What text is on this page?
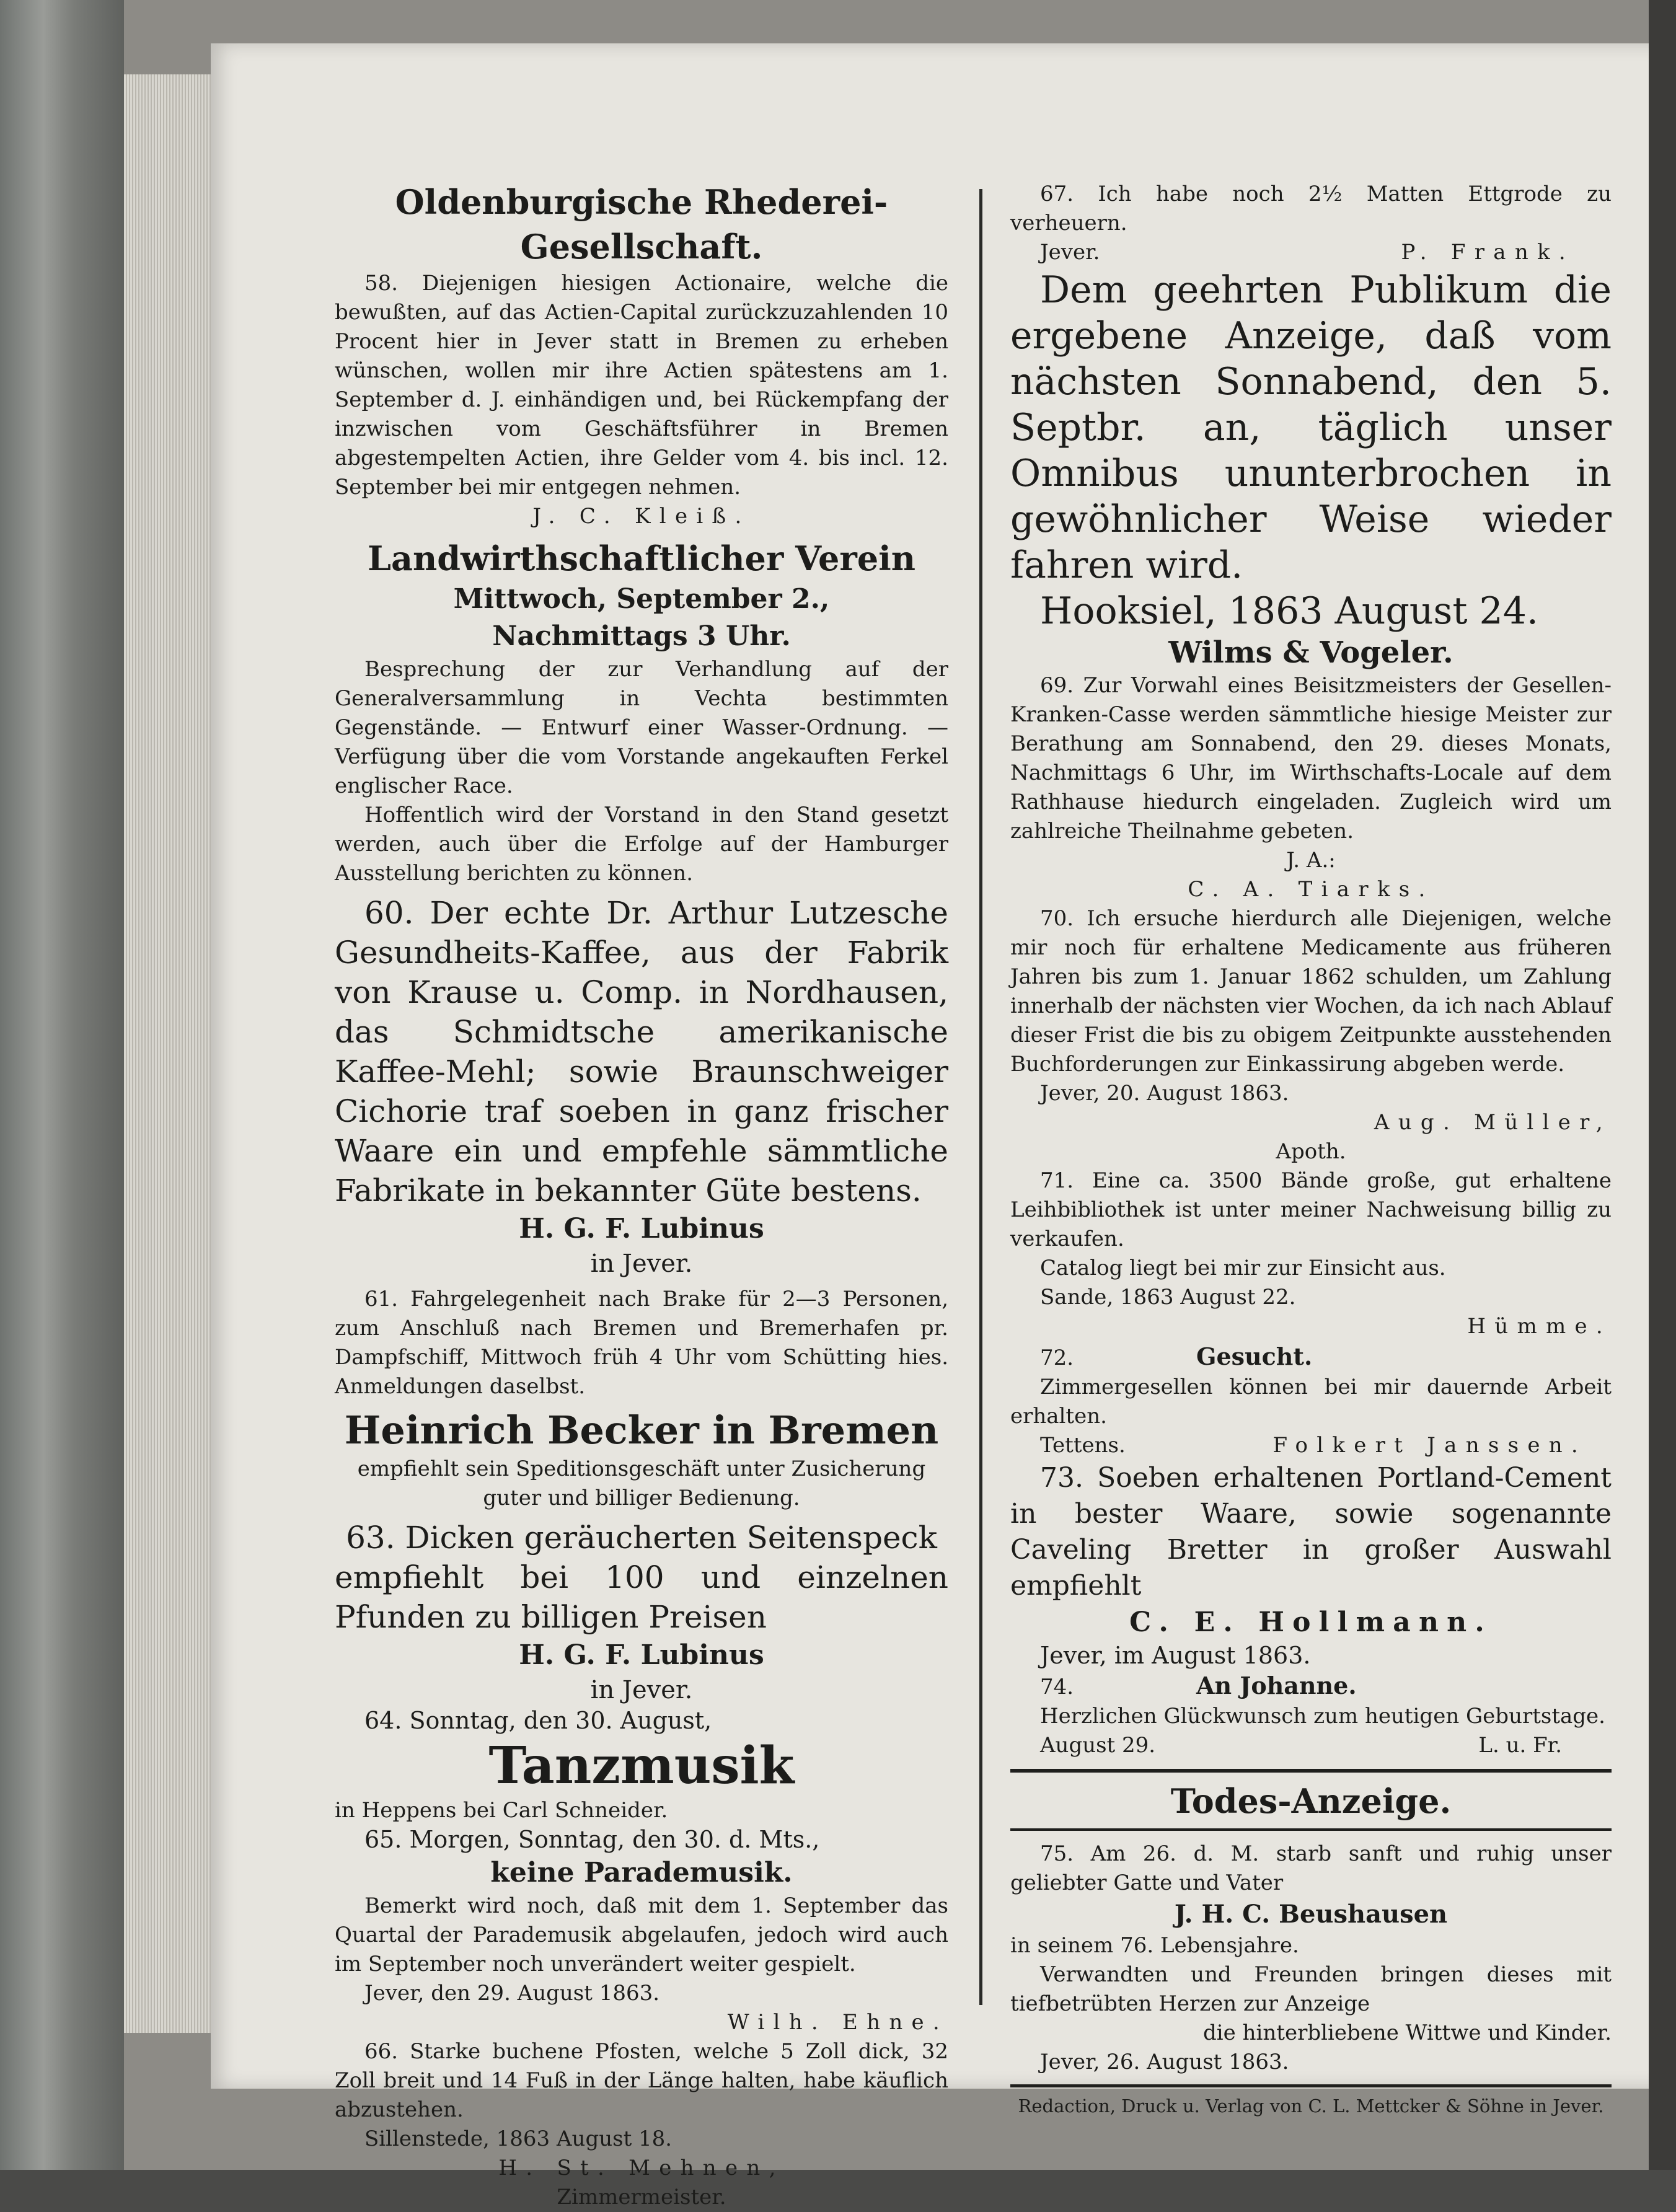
Oldenburgische Rhederei-Gesellschaft.

58. Diejenigen hiesigen Actionaire, welche die bewußten, auf das Actien-Capital zurückzuzahlenden 10 Procent hier in Jever statt in Bremen zu erheben wünschen, wollen mir ihre Actien spätestens am 1. September d. J. einhändigen und, bei Rückempfang der inzwischen vom Geschäftsführer in Bremen abgestempelten Actien, ihre Gelder vom 4. bis incl. 12. September bei mir entgegen nehmen.

J. C. Kleiß.

Landwirthschaftlicher Verein

Mittwoch, September 2.,

Nachmittags 3 Uhr.

Besprechung der zur Verhandlung auf der Generalversammlung in Vechta bestimmten Gegenstände. — Entwurf einer Wasser-Ordnung. — Verfügung über die vom Vorstande angekauften Ferkel englischer Race.

Hoffentlich wird der Vorstand in den Stand gesetzt werden, auch über die Erfolge auf der Hamburger Ausstellung berichten zu können.

60. Der echte Dr. Arthur Lutzesche Gesundheits-Kaffee, aus der Fabrik von Krause u. Comp. in Nordhausen, das Schmidtsche amerikanische Kaffee-Mehl; sowie Braunschweiger Cichorie traf soeben in ganz frischer Waare ein und empfehle sämmtliche Fabrikate in bekannter Güte bestens.

H. G. F. Lubinus

in Jever.

61. Fahrgelegenheit nach Brake für 2—3 Personen, zum Anschluß nach Bremen und Bremerhafen pr. Dampfschiff, Mittwoch früh 4 Uhr vom Schütting hies. Anmeldungen daselbst.

Heinrich Becker in Bremen

empfiehlt sein Speditionsgeschäft unter Zusicherung guter und billiger Bedienung.

63. Dicken geräucherten Seitenspeck

empfiehlt bei 100 und einzelnen Pfunden zu billigen Preisen

H. G. F. Lubinus

in Jever.

64. Sonntag, den 30. August,

Tanzmusik

in Heppens bei Carl Schneider.

65. Morgen, Sonntag, den 30. d. Mts.,

keine Parademusik.

Bemerkt wird noch, daß mit dem 1. September das Quartal der Parademusik abgelaufen, jedoch wird auch im September noch unverändert weiter gespielt.

Jever, den 29. August 1863.

Wilh. Ehne.

66. Starke buchene Pfosten, welche 5 Zoll dick, 32 Zoll breit und 14 Fuß in der Länge halten, habe käuflich abzustehen.

Sillenstede, 1863 August 18.

H. St. Mehnen,

Zimmermeister.

67. Ich habe noch 2½ Matten Ettgrode zu verheuern.

Jever.	P. Frank.

Dem geehrten Publikum die ergebene Anzeige, daß vom nächsten Sonnabend, den 5. Septbr. an, täglich unser Omnibus ununterbrochen in gewöhnlicher Weise wieder fahren wird.

Hooksiel, 1863 August 24.

Wilms & Vogeler.

69. Zur Vorwahl eines Beisitzmeisters der Gesellen-Kranken-Casse werden sämmtliche hiesige Meister zur Berathung am Sonnabend, den 29. dieses Monats, Nachmittags 6 Uhr, im Wirthschafts-Locale auf dem Rathhause hiedurch eingeladen. Zugleich wird um zahlreiche Theilnahme gebeten.

J. A.:

C. A. Tiarks.

70. Ich ersuche hierdurch alle Diejenigen, welche mir noch für erhaltene Medicamente aus früheren Jahren bis zum 1. Januar 1862 schulden, um Zahlung innerhalb der nächsten vier Wochen, da ich nach Ablauf dieser Frist die bis zu obigem Zeitpunkte ausstehenden Buchforderungen zur Einkassirung abgeben werde.

Jever, 20. August 1863.

Aug. Müller,

Apoth.

71. Eine ca. 3500 Bände große, gut erhaltene Leihbibliothek ist unter meiner Nachweisung billig zu verkaufen.

Catalog liegt bei mir zur Einsicht aus.

Sande, 1863 August 22.

Hümme.

72.	Gesucht.

Zimmergesellen können bei mir dauernde Arbeit erhalten.

Tettens.	Folkert Janssen.

73. Soeben erhaltenen Portland-Cement in bester Waare, sowie sogenannte Caveling Bretter in großer Auswahl empfiehlt

C. E. Hollmann.

Jever, im August 1863.

74.	An Johanne.

Herzlichen Glückwunsch zum heutigen Geburtstage.

August 29.	L. u. Fr.

Todes-Anzeige.

75. Am 26. d. M. starb sanft und ruhig unser geliebter Gatte und Vater

J. H. C. Beushausen

in seinem 76. Lebensjahre.

Verwandten und Freunden bringen dieses mit tiefbetrübten Herzen zur Anzeige

die hinterbliebene Wittwe und Kinder.

Jever, 26. August 1863.

Redaction, Druck u. Verlag von C. L. Mettcker & Söhne in Jever.
